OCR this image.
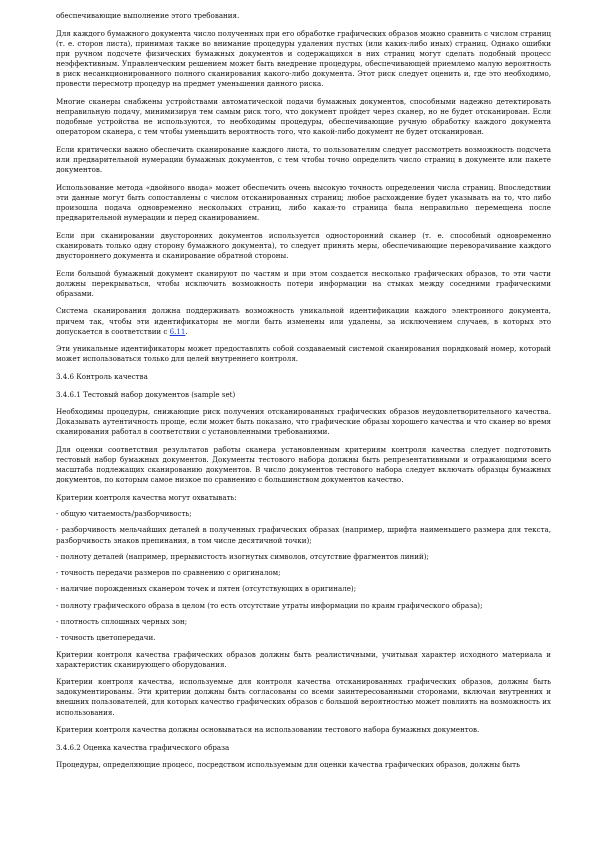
обеспечивающие выполнение этого требования.

Для каждого бумажного документа число полученных при его обработке графических образов можно сравнить с числом страниц (т. е. сторон листа), принимая также во внимание процедуры удаления пустых (или каких-либо иных) страниц. Однако ошибки при ручном подсчете физических бумажных документов и содержащихся в них страниц могут сделать подобный процесс неэффективным. Управленческим решением может быть внедрение процедуры, обеспечивающей приемлемо малую вероятность в риск несанкционированного полного сканирования какого-либо документа. Этот риск следует оценить и, где это необходимо, провести пересмотр процедур на предмет уменьшения данного риска.

Многие сканеры снабжены устройствами автоматической подачи бумажных документов, способными надежно детектировать неправильную подачу, минимизируя тем самым риск того, что документ пройдет через сканер, но не будет отсканирован. Если подобные устройства не используются, то необходимы процедуры, обеспечивающие ручную обработку каждого документа оператором сканера, с тем чтобы уменьшить вероятность того, что какой-либо документ не будет отсканирован.

Если критически важно обеспечить сканирование каждого листа, то пользователям следует рассмотреть возможность подсчета или предварительной нумерации бумажных документов, с тем чтобы точно определить число страниц в документе или пакете документов.

Использование метода «двойного ввода» может обеспечить очень высокую точность определения числа страниц. Впоследствии эти данные могут быть сопоставлены с числом отсканированных страниц; любое расхождение будет указывать на то, что либо произошла подача одновременно нескольких страниц, либо какая-то страница была неправильно перемещена после предварительной нумерации и перед сканированием.

Если при сканировании двусторонних документов используется односторонний сканер (т. е. способный одновременно сканировать только одну сторону бумажного документа), то следует принять меры, обеспечивающие переворачивание каждого двустороннего документа и сканирование обратной стороны.

Если большой бумажный документ сканируют по частям и при этом создается несколько графических образов, то эти части должны перекрываться, чтобы исключить возможность потери информации на стыках между соседними графическими образами.

Система сканирования должна поддерживать возможность уникальной идентификации каждого электронного документа, причем так, чтобы эти идентификаторы не могли быть изменены или удалены, за исключением случаев, в которых это допускается в соответствии с 6.11.

Эти уникальные идентификаторы может предоставлять собой создаваемый системой сканирования порядковый номер, который может использоваться только для целей внутреннего контроля.

3.4.6 Контроль качества

3.4.6.1 Тестовый набор документов (sample set)

Необходимы процедуры, снижающие риск получения отсканированных графических образов неудовлетворительного качества. Доказывать аутентичность проще, если может быть показано, что графические образы хорошего качества и что сканер во время сканирования работал в соответствии с установленными требованиями.

Для оценки соответствия результатов работы сканера установленным критериям контроля качества следует подготовить тестовый набор бумажных документов. Документы тестового набора должны быть репрезентативными и отражающими всего масштаба подлежащих сканированию документов. В число документов тестового набора следует включать образцы бумажных документов, по которым самое низкое по сравнению с большинством документов качество.

Критерии контроля качества могут охватывать:

- общую читаемость/разборчивость;

- разборчивость мельчайших деталей в полученных графических образах (например, шрифта наименьшего размера для текста, разборчивость знаков препинания, в том числе десятичной точки);

- полноту деталей (например, прерывистость изогнутых символов, отсутствие фрагментов линий);

- точность передачи размеров по сравнению с оригиналом;

- наличие порожденных сканером точек и пятен (отсутствующих в оригинале);

- полноту графического образа в целом (то есть отсутствие утраты информации по краям графического образа);

- плотность сплошных черных зон;

- точность цветопередачи.

Критерии контроля качества графических образов должны быть реалистичными, учитывая характер исходного материала и характеристик сканирующего оборудования.

Критерии контроля качества, используемые для контроля качества отсканированных графических образов, должны быть задокументированы. Эти критерии должны быть согласованы со всеми заинтересованными сторонами, включая внутренних и внешних пользователей, для которых качество графических образов с большой вероятностью может повлиять на возможность их использования.

Критерии контроля качества должны основываться на использовании тестового набора бумажных документов.

3.4.6.2 Оценка качества графического образа

Процедуры, определяющие процесс, посредством используемым для оценки качества графических образов, должны быть
